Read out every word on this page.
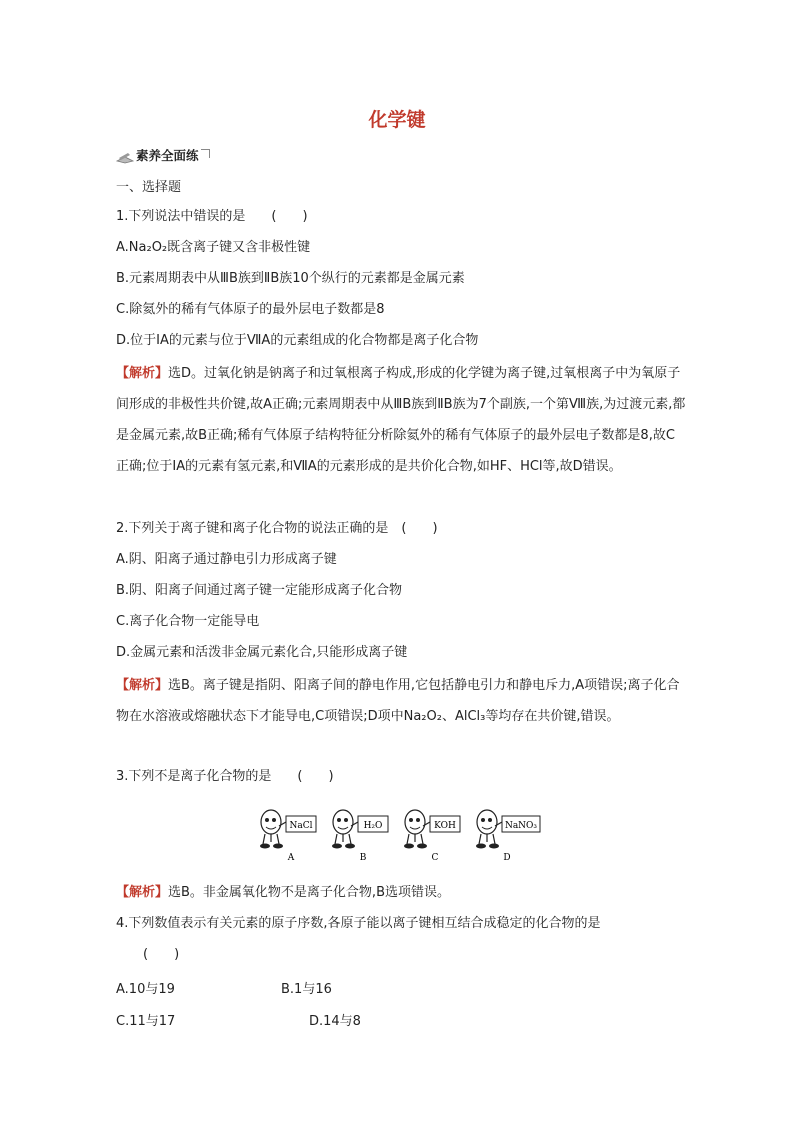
化学键
素养全面练
一、选择题
1.下列说法中错误的是　　(　　)
A.Na₂O₂既含离子键又含非极性键
B.元素周期表中从ⅢB族到ⅡB族10个纵行的元素都是金属元素
C.除氦外的稀有气体原子的最外层电子数都是8
D.位于ⅠA的元素与位于ⅦA的元素组成的化合物都是离子化合物
【解析】选D。过氧化钠是钠离子和过氧根离子构成,形成的化学键为离子键,过氧根离子中为氧原子间形成的非极性共价键,故A正确;元素周期表中从ⅢB族到ⅡB族为7个副族,一个第Ⅷ族,为过渡元素,都是金属元素,故B正确;稀有气体原子结构特征分析除氦外的稀有气体原子的最外层电子数都是8,故C正确;位于ⅠA的元素有氢元素,和ⅦA的元素形成的是共价化合物,如HF、HCl等,故D错误。
2.下列关于离子键和离子化合物的说法正确的是　(　　)
A.阴、阳离子通过静电引力形成离子键
B.阴、阳离子间通过离子键一定能形成离子化合物
C.离子化合物一定能导电
D.金属元素和活泼非金属元素化合,只能形成离子键
【解析】选B。离子键是指阴、阳离子间的静电作用,它包括静电引力和静电斥力,A项错误;离子化合物在水溶液或熔融状态下才能导电,C项错误;D项中Na₂O₂、AlCl₃等均存在共价键,错误。
3.下列不是离子化合物的是　　(　　)
NaCl
A
H₂O
B
KOH
C
NaNO₃
D
【解析】选B。非金属氧化物不是离子化合物,B选项错误。
4.下列数值表示有关元素的原子序数,各原子能以离子键相互结合成稳定的化合物的是
(　　)
A.10与19	B.1与16
C.11与17	D.14与8
